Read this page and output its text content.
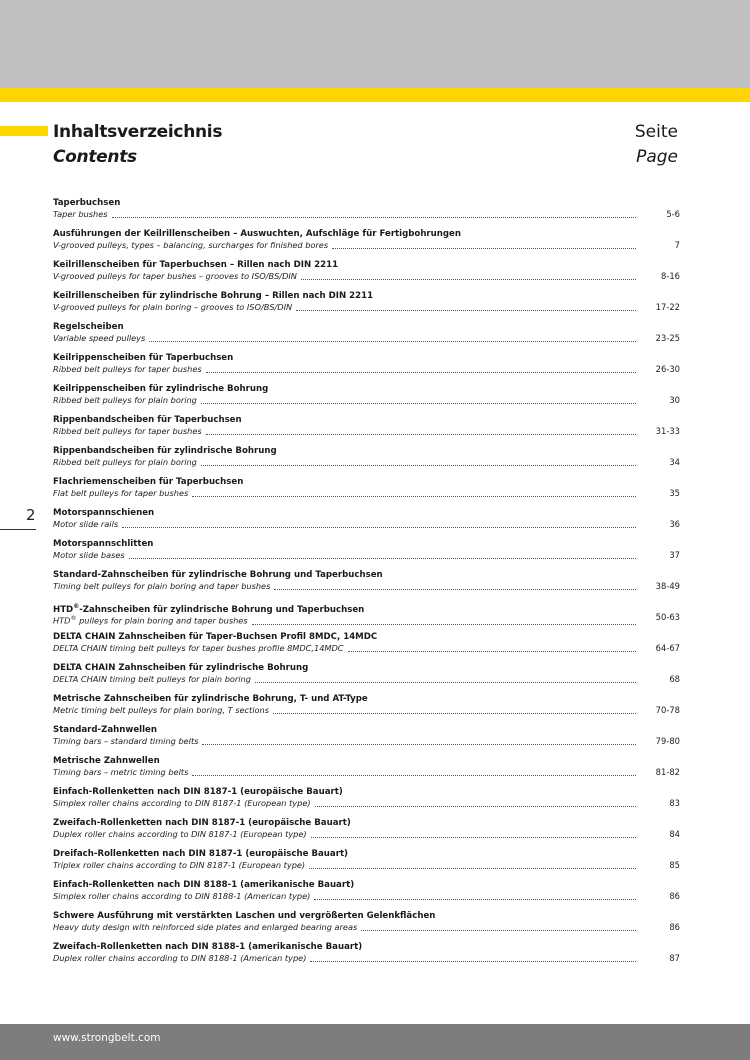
Inhaltsverzeichnis
Contents
Seite
Page
2
Taperbuchsen
Taper bushes	5-6
Ausführungen der Keilrillenscheiben – Auswuchten, Aufschläge für Fertigbohrungen
V-grooved pulleys, types – balancing, surcharges for finished bores	7
Keilrillenscheiben für Taperbuchsen – Rillen nach DIN 2211
V-grooved pulleys for taper bushes – grooves to ISO/BS/DIN	8-16
Keilrillenscheiben für zylindrische Bohrung – Rillen nach DIN 2211
V-grooved pulleys for plain boring – grooves to ISO/BS/DIN	17-22
Regelscheiben
Variable speed pulleys	23-25
Keilrippenscheiben für Taperbuchsen
Ribbed belt pulleys for taper bushes	26-30
Keilrippenscheiben für zylindrische Bohrung
Ribbed belt pulleys for plain boring	30
Rippenbandscheiben für Taperbuchsen
Ribbed belt pulleys for taper bushes	31-33
Rippenbandscheiben für zylindrische Bohrung
Ribbed belt pulleys for plain boring	34
Flachriemenscheiben für Taperbuchsen
Flat belt pulleys for taper bushes	35
Motorspannschienen
Motor slide rails	36
Motorspannschlitten
Motor slide bases	37
Standard-Zahnscheiben für zylindrische Bohrung und Taperbuchsen
Timing belt pulleys for plain boring and taper bushes	38-49
HTD®-Zahnscheiben für zylindrische Bohrung und Taperbuchsen
HTD® pulleys for plain boring and taper bushes	50-63
DELTA CHAIN Zahnscheiben für Taper-Buchsen Profil 8MDC, 14MDC
DELTA CHAIN timing belt pulleys for taper bushes profile 8MDC,14MDC	64-67
DELTA CHAIN Zahnscheiben für zylindrische Bohrung
DELTA CHAIN timing belt pulleys for plain boring	68
Metrische Zahnscheiben für zylindrische Bohrung, T- und AT-Type
Metric timing belt pulleys for plain boring, T sections	70-78
Standard-Zahnwellen
Timing bars – standard timing belts	79-80
Metrische Zahnwellen
Timing bars – metric timing belts	81-82
Einfach-Rollenketten nach DIN 8187-1 (europäische Bauart)
Simplex roller chains according to DIN 8187-1 (European type)	83
Zweifach-Rollenketten nach DIN 8187-1 (europäische Bauart)
Duplex roller chains according to DIN 8187-1 (European type)	84
Dreifach-Rollenketten nach DIN 8187-1 (europäische Bauart)
Triplex roller chains according to DIN 8187-1 (European type)	85
Einfach-Rollenketten nach DIN 8188-1 (amerikanische Bauart)
Simplex roller chains according to DIN 8188-1 (American type)	86
Schwere Ausführung mit verstärkten Laschen und vergrößerten Gelenkflächen
Heavy duty design with reinforced side plates and enlarged bearing areas	86
Zweifach-Rollenketten nach DIN 8188-1 (amerikanische Bauart)
Duplex roller chains according to DIN 8188-1 (American type)	87
www.strongbelt.com
